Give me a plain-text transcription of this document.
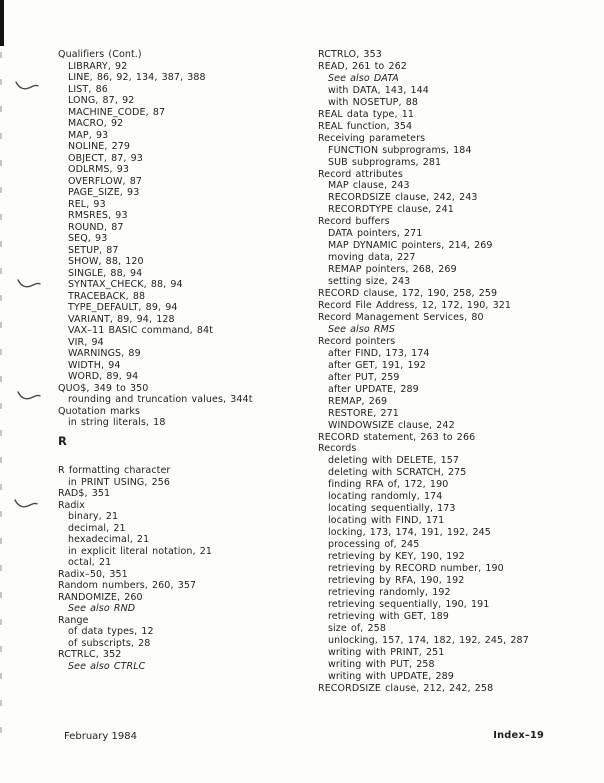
Qualifiers (Cont.)
LIBRARY, 92
LINE, 86, 92, 134, 387, 388
LIST, 86
LONG, 87, 92
MACHINE_CODE, 87
MACRO, 92
MAP, 93
NOLINE, 279
OBJECT, 87, 93
ODLRMS, 93
OVERFLOW, 87
PAGE_SIZE, 93
REL, 93
RMSRES, 93
ROUND, 87
SEQ, 93
SETUP, 87
SHOW, 88, 120
SINGLE, 88, 94
SYNTAX_CHECK, 88, 94
TRACEBACK, 88
TYPE_DEFAULT, 89, 94
VARIANT, 89, 94, 128
VAX–11 BASIC command, 84t
VIR, 94
WARNINGS, 89
WIDTH, 94
WORD, 89, 94
QUO$, 349 to 350
rounding and truncation values, 344t
Quotation marks
in string literals, 18
R
R formatting character
in PRINT USING, 256
RAD$, 351
Radix
binary, 21
decimal, 21
hexadecimal, 21
in explicit literal notation, 21
octal, 21
Radix–50, 351
Random numbers, 260, 357
RANDOMIZE, 260
See also RND
Range
of data types, 12
of subscripts, 28
RCTRLC, 352
See also CTRLC
RCTRLO, 353
READ, 261 to 262
See also DATA
with DATA, 143, 144
with NOSETUP, 88
REAL data type, 11
REAL function, 354
Receiving parameters
FUNCTION subprograms, 184
SUB subprograms, 281
Record attributes
MAP clause, 243
RECORDSIZE clause, 242, 243
RECORDTYPE clause, 241
Record buffers
DATA pointers, 271
MAP DYNAMIC pointers, 214, 269
moving data, 227
REMAP pointers, 268, 269
setting size, 243
RECORD clause, 172, 190, 258, 259
Record File Address, 12, 172, 190, 321
Record Management Services, 80
See also RMS
Record pointers
after FIND, 173, 174
after GET, 191, 192
after PUT, 259
after UPDATE, 289
REMAP, 269
RESTORE, 271
WINDOWSIZE clause, 242
RECORD statement, 263 to 266
Records
deleting with DELETE, 157
deleting with SCRATCH, 275
finding RFA of, 172, 190
locating randomly, 174
locating sequentially, 173
locating with FIND, 171
locking, 173, 174, 191, 192, 245
processing of, 245
retrieving by KEY, 190, 192
retrieving by RECORD number, 190
retrieving by RFA, 190, 192
retrieving randomly, 192
retrieving sequentially, 190, 191
retrieving with GET, 189
size of, 258
unlocking, 157, 174, 182, 192, 245, 287
writing with PRINT, 251
writing with PUT, 258
writing with UPDATE, 289
RECORDSIZE clause, 212, 242, 258
February 1984	Index–19
